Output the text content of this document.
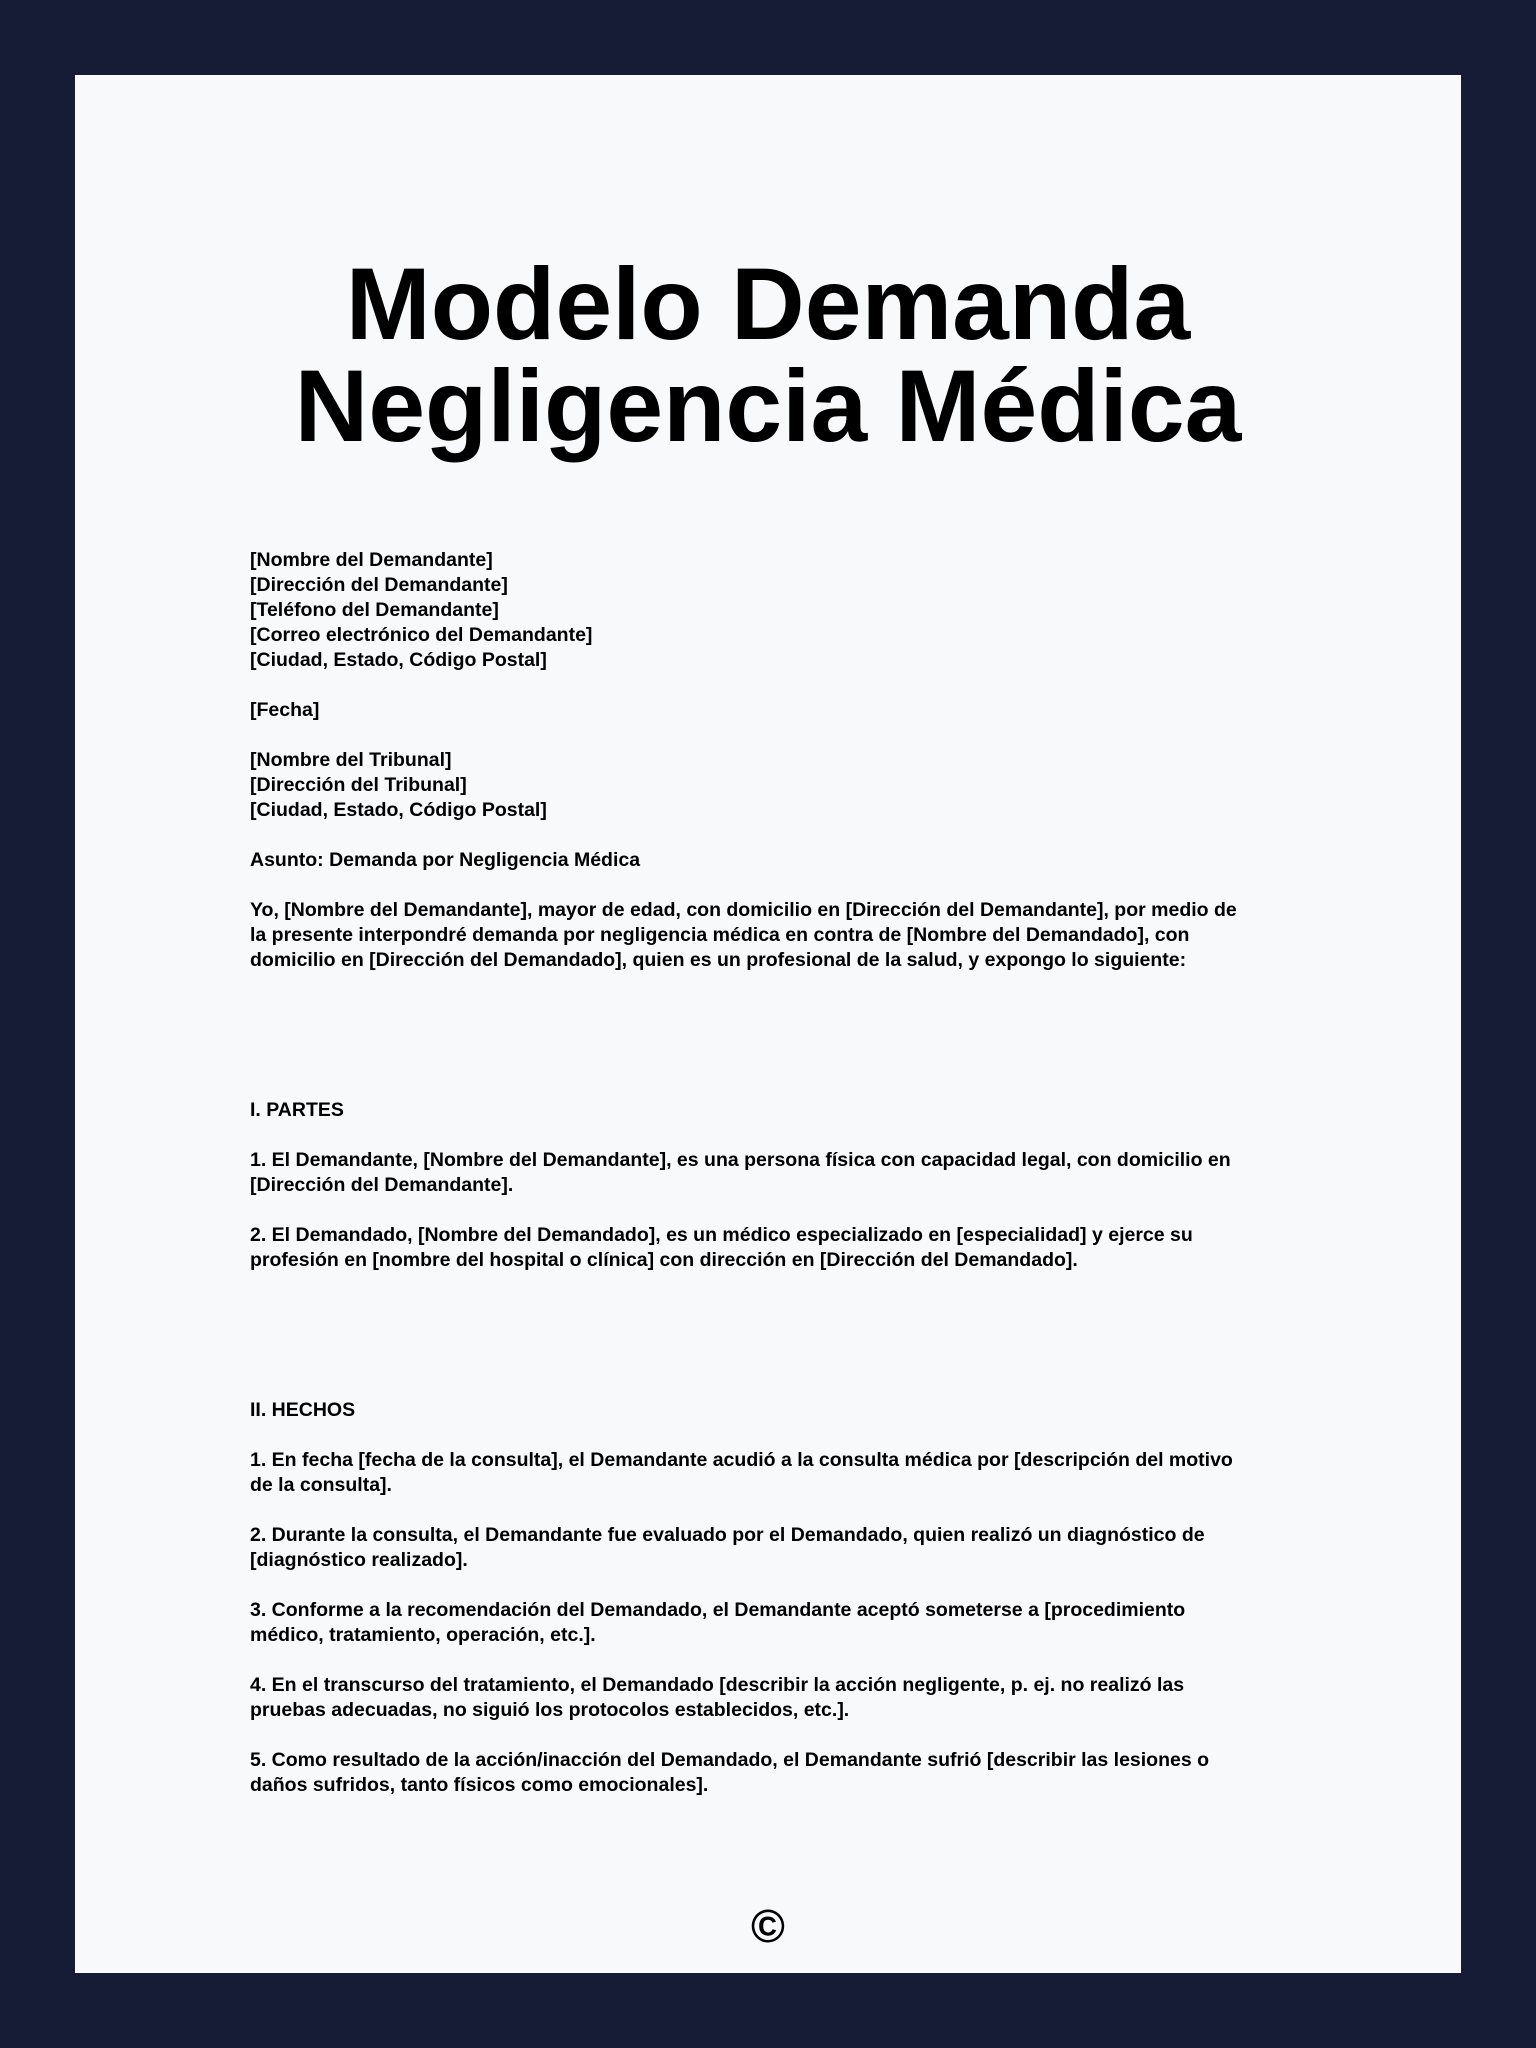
Modelo Demanda
Negligencia Médica
[Nombre del Demandante]
[Dirección del Demandante]
[Teléfono del Demandante]
[Correo electrónico del Demandante]
[Ciudad, Estado, Código Postal]
[Fecha]
[Nombre del Tribunal]
[Dirección del Tribunal]
[Ciudad, Estado, Código Postal]
Asunto: Demanda por Negligencia Médica
Yo, [Nombre del Demandante], mayor de edad, con domicilio en [Dirección del Demandante], por medio de
la presente interpondré demanda por negligencia médica en contra de [Nombre del Demandado], con
domicilio en [Dirección del Demandado], quien es un profesional de la salud, y expongo lo siguiente:
I. PARTES
1. El Demandante, [Nombre del Demandante], es una persona física con capacidad legal, con domicilio en
[Dirección del Demandante].
2. El Demandado, [Nombre del Demandado], es un médico especializado en [especialidad] y ejerce su
profesión en [nombre del hospital o clínica] con dirección en [Dirección del Demandado].
II. HECHOS
1. En fecha [fecha de la consulta], el Demandante acudió a la consulta médica por [descripción del motivo
de la consulta].
2. Durante la consulta, el Demandante fue evaluado por el Demandado, quien realizó un diagnóstico de
[diagnóstico realizado].
3. Conforme a la recomendación del Demandado, el Demandante aceptó someterse a [procedimiento
médico, tratamiento, operación, etc.].
4. En el transcurso del tratamiento, el Demandado [describir la acción negligente, p. ej. no realizó las
pruebas adecuadas, no siguió los protocolos establecidos, etc.].
5. Como resultado de la acción/inacción del Demandado, el Demandante sufrió [describir las lesiones o
daños sufridos, tanto físicos como emocionales].
©
